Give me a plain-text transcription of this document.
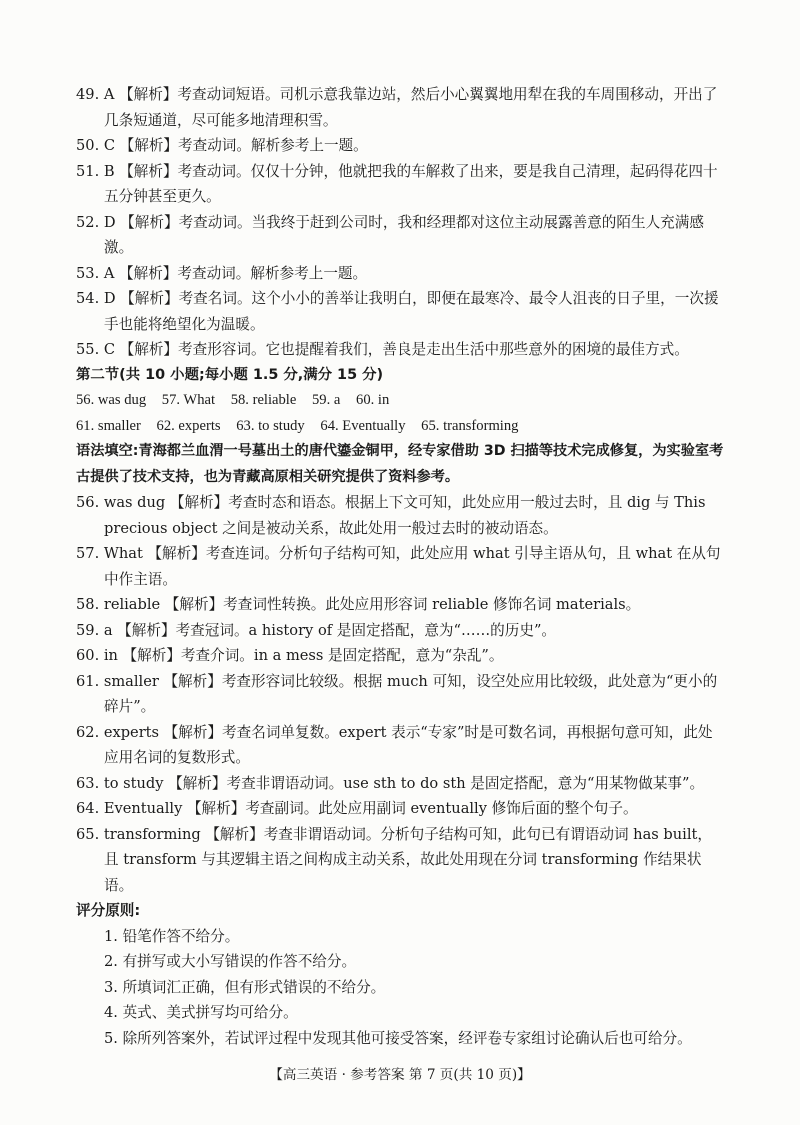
49. A 【解析】考查动词短语。司机示意我靠边站，然后小心翼翼地用犁在我的车周围移动，开出了几条短通道，尽可能多地清理积雪。
50. C 【解析】考查动词。解析参考上一题。
51. B 【解析】考查动词。仅仅十分钟，他就把我的车解救了出来，要是我自己清理，起码得花四十五分钟甚至更久。
52. D 【解析】考查动词。当我终于赶到公司时，我和经理都对这位主动展露善意的陌生人充满感激。
53. A 【解析】考查动词。解析参考上一题。
54. D 【解析】考查名词。这个小小的善举让我明白，即便在最寒冷、最令人沮丧的日子里，一次援手也能将绝望化为温暖。
55. C 【解析】考查形容词。它也提醒着我们，善良是走出生活中那些意外的困境的最佳方式。
第二节(共 10 小题;每小题 1.5 分,满分 15 分)
56. was dug 57. What 58. reliable 59. a 60. in
61. smaller 62. experts 63. to study 64. Eventually 65. transforming
语法填空:青海都兰血渭一号墓出土的唐代鎏金铜甲，经专家借助 3D 扫描等技术完成修复，为实验室考古提供了技术支持，也为青藏高原相关研究提供了资料参考。
56. was dug 【解析】考查时态和语态。根据上下文可知，此处应用一般过去时，且 dig 与 This precious object 之间是被动关系，故此处用一般过去时的被动语态。
57. What 【解析】考查连词。分析句子结构可知，此处应用 what 引导主语从句，且 what 在从句中作主语。
58. reliable 【解析】考查词性转换。此处应用形容词 reliable 修饰名词 materials。
59. a 【解析】考查冠词。a history of 是固定搭配，意为“……的历史”。
60. in 【解析】考查介词。in a mess 是固定搭配，意为“杂乱”。
61. smaller 【解析】考查形容词比较级。根据 much 可知，设空处应用比较级，此处意为“更小的碎片”。
62. experts 【解析】考查名词单复数。expert 表示“专家”时是可数名词，再根据句意可知，此处应用名词的复数形式。
63. to study 【解析】考查非谓语动词。use sth to do sth 是固定搭配，意为“用某物做某事”。
64. Eventually 【解析】考查副词。此处应用副词 eventually 修饰后面的整个句子。
65. transforming 【解析】考查非谓语动词。分析句子结构可知，此句已有谓语动词 has built，且 transform 与其逻辑主语之间构成主动关系，故此处用现在分词 transforming 作结果状语。
评分原则:
1. 铅笔作答不给分。
2. 有拼写或大小写错误的作答不给分。
3. 所填词汇正确，但有形式错误的不给分。
4. 英式、美式拼写均可给分。
5. 除所列答案外，若试评过程中发现其他可接受答案，经评卷专家组讨论确认后也可给分。
【高三英语 · 参考答案 第 7 页(共 10 页)】
